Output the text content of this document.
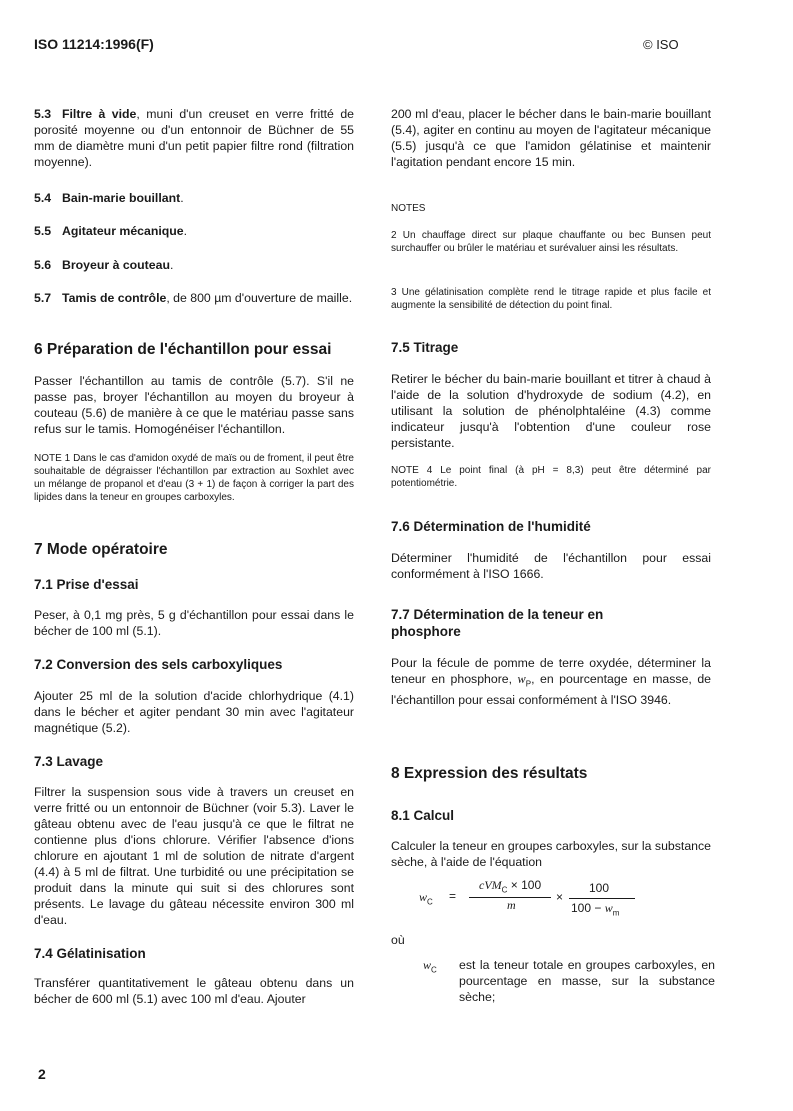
ISO 11214:1996(F)	© ISO

5.3 Filtre à vide, muni d'un creuset en verre fritté de porosité moyenne ou d'un entonnoir de Büchner de 55 mm de diamètre muni d'un petit papier filtre rond (filtration moyenne).

5.4 Bain-marie bouillant.

5.5 Agitateur mécanique.

5.6 Broyeur à couteau.

5.7 Tamis de contrôle, de 800 µm d'ouverture de maille.

6 Préparation de l'échantillon pour essai

Passer l'échantillon au tamis de contrôle (5.7). S'il ne passe pas, broyer l'échantillon au moyen du broyeur à couteau (5.6) de manière à ce que le matériau passe sans refus sur le tamis. Homogénéiser l'échantillon.

NOTE 1 Dans le cas d'amidon oxydé de maïs ou de froment, il peut être souhaitable de dégraisser l'échantillon par extraction au Soxhlet avec un mélange de propanol et d'eau (3 + 1) de façon à corriger la part des lipides dans la teneur en groupes carboxyles.

7 Mode opératoire
7.1 Prise d'essai

Peser, à 0,1 mg près, 5 g d'échantillon pour essai dans le bécher de 100 ml (5.1).

7.2 Conversion des sels carboxyliques

Ajouter 25 ml de la solution d'acide chlorhydrique (4.1) dans le bécher et agiter pendant 30 min avec l'agitateur magnétique (5.2).

7.3 Lavage

Filtrer la suspension sous vide à travers un creuset en verre fritté ou un entonnoir de Büchner (voir 5.3). Laver le gâteau obtenu avec de l'eau jusqu'à ce que le filtrat ne contienne plus d'ions chlorure. Vérifier l'absence d'ions chlorure en ajoutant 1 ml de solution de nitrate d'argent (4.4) à 5 ml de filtrat. Une turbidité ou une précipitation se produit dans la minute qui suit si des chlorures sont présents. Le lavage du gâteau nécessite environ 300 ml d'eau.

7.4 Gélatinisation

Transférer quantitativement le gâteau obtenu dans un bécher de 600 ml (5.1) avec 100 ml d'eau. Ajouter

200 ml d'eau, placer le bécher dans le bain-marie bouillant (5.4), agiter en continu au moyen de l'agitateur mécanique (5.5) jusqu'à ce que l'amidon gélatinise et maintenir l'agitation pendant encore 15 min.

NOTES

2 Un chauffage direct sur plaque chauffante ou bec Bunsen peut surchauffer ou brûler le matériau et surévaluer ainsi les résultats.

3 Une gélatinisation complète rend le titrage rapide et plus facile et augmente la sensibilité de détection du point final.

7.5 Titrage

Retirer le bécher du bain-marie bouillant et titrer à chaud à l'aide de la solution d'hydroxyde de sodium (4.2), en utilisant la solution de phénolphtaléine (4.3) comme indicateur jusqu'à l'obtention d'une couleur rose persistante.

NOTE 4 Le point final (à pH = 8,3) peut être déterminé par potentiométrie.

7.6 Détermination de l'humidité

Déterminer l'humidité de l'échantillon pour essai conformément à l'ISO 1666.

7.7 Détermination de la teneur en
phosphore

Pour la fécule de pomme de terre oxydée, déterminer la teneur en phosphore, $w_P$, en pourcentage en masse, de l'échantillon pour essai conformément à l'ISO 3946.

8 Expression des résultats
8.1 Calcul

Calculer la teneur en groupes carboxyles, sur la substance sèche, à l'aide de l'équation

$w_C$ =
cVM$_C$ × 100
m
×
100
$100 - w_m$
où
$w_C$ est la teneur totale en groupes carboxyles, en pourcentage en masse, sur la substance sèche;

2
